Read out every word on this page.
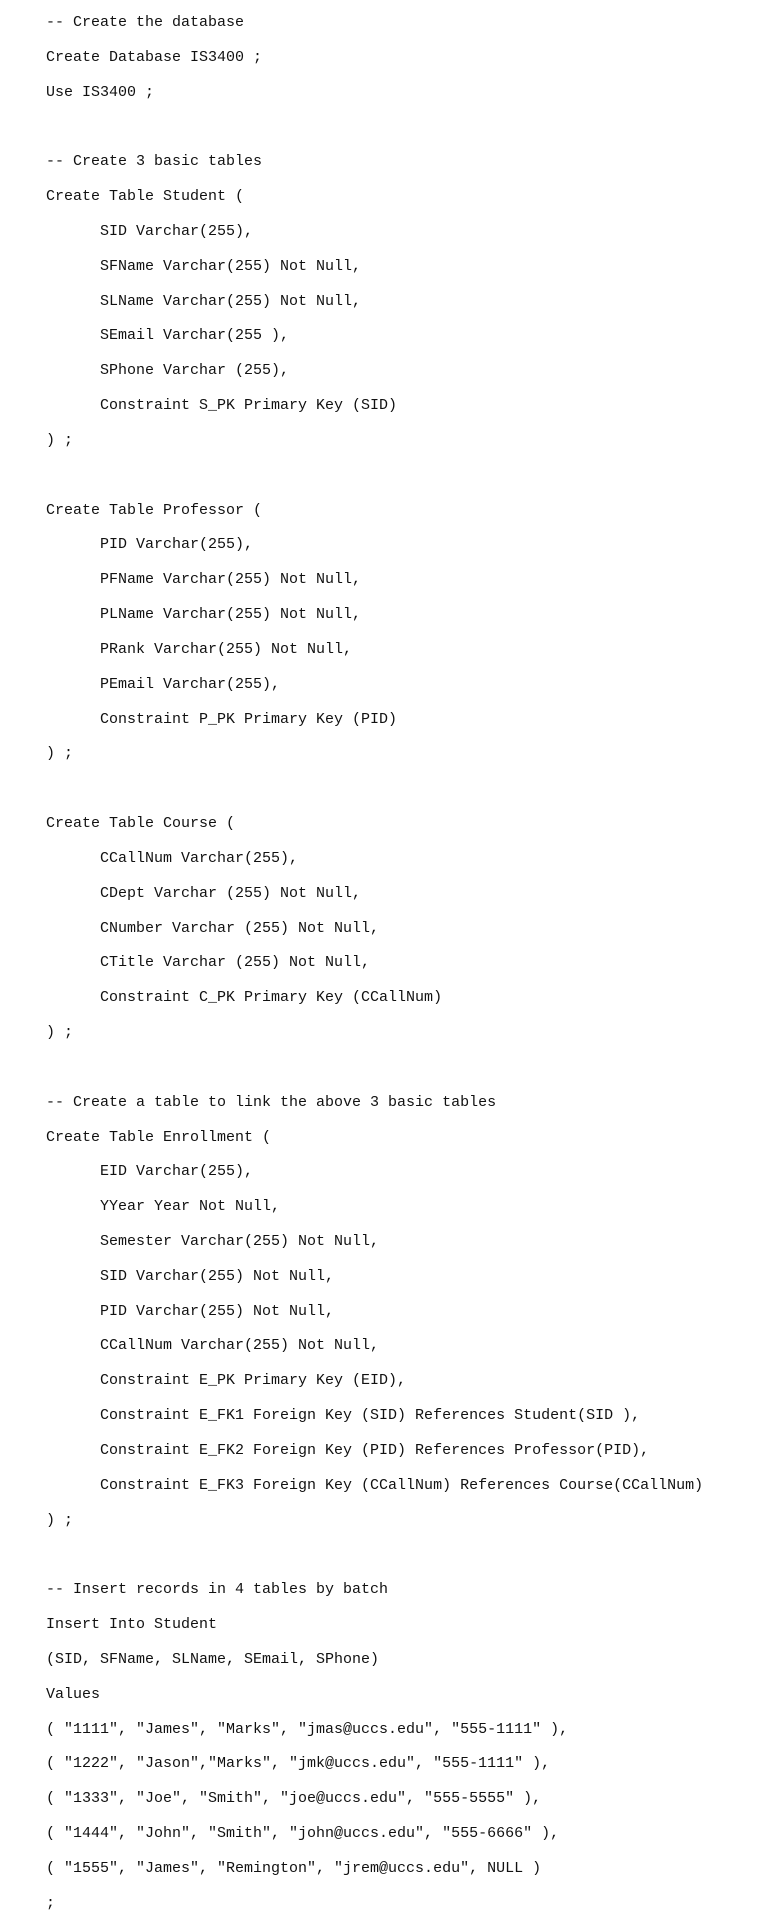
-- Create the database

Create Database IS3400 ;

Use IS3400 ;

-- Create 3 basic tables

Create Table Student (

SID Varchar(255),

SFName Varchar(255) Not Null,

SLName Varchar(255) Not Null,

SEmail Varchar(255 ),

SPhone Varchar (255),

Constraint S_PK Primary Key (SID)

) ;

Create Table Professor (

PID Varchar(255),

PFName Varchar(255) Not Null,

PLName Varchar(255) Not Null,

PRank Varchar(255) Not Null,

PEmail Varchar(255),

Constraint P_PK Primary Key (PID)

) ;

Create Table Course (

CCallNum Varchar(255),

CDept Varchar (255) Not Null,

CNumber Varchar (255) Not Null,

CTitle Varchar (255) Not Null,

Constraint C_PK Primary Key (CCallNum)

) ;

-- Create a table to link the above 3 basic tables

Create Table Enrollment (

EID Varchar(255),

YYear Year Not Null,

Semester Varchar(255) Not Null,

SID Varchar(255) Not Null,

PID Varchar(255) Not Null,

CCallNum Varchar(255) Not Null,

Constraint E_PK Primary Key (EID),

Constraint E_FK1 Foreign Key (SID) References Student(SID ),

Constraint E_FK2 Foreign Key (PID) References Professor(PID),

Constraint E_FK3 Foreign Key (CCallNum) References Course(CCallNum)

) ;

-- Insert records in 4 tables by batch

Insert Into Student

(SID, SFName, SLName, SEmail, SPhone)

Values

( "1111", "James", "Marks", "jmas@uccs.edu", "555-1111" ),

( "1222", "Jason","Marks", "jmk@uccs.edu", "555-1111" ),

( "1333", "Joe", "Smith", "joe@uccs.edu", "555-5555" ),

( "1444", "John", "Smith", "john@uccs.edu", "555-6666" ),

( "1555", "James", "Remington", "jrem@uccs.edu", NULL )

;
